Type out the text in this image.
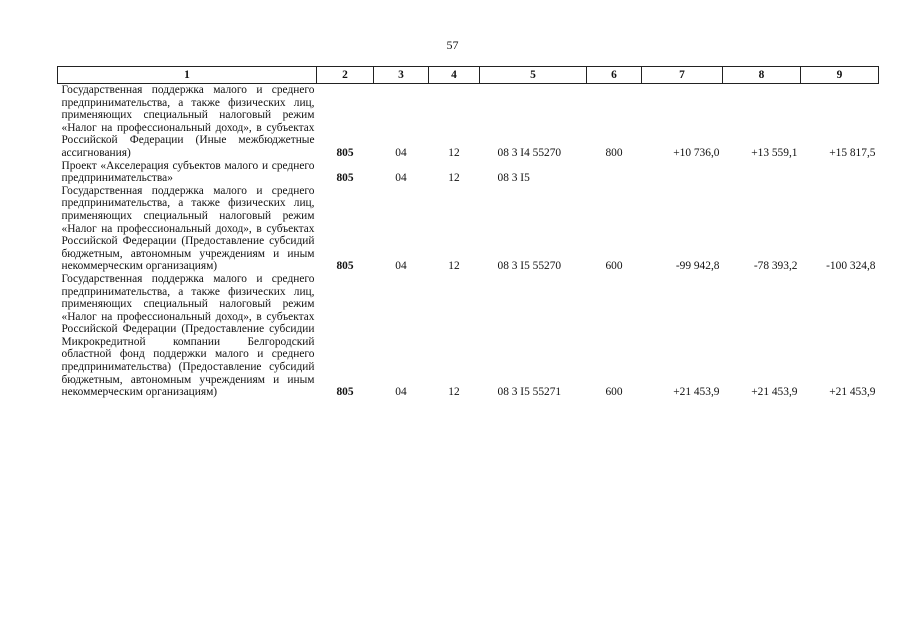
57
1	2	3	4	5	6	7	8	9
Государственная поддержка малого и среднего предпринимательства, а также физических лиц, применяющих специальный налоговый режим «Налог на профессиональный доход», в субъектах Российской Федерации (Иные межбюджетные ассигнования)	805	04	12	08 3 I4 55270	800	+10 736,0	+13 559,1	+15 817,5
Проект «Акселерация субъектов малого и среднего предпринимательства»	805	04	12	08 3 I5				
Государственная поддержка малого и среднего предпринимательства, а также физических лиц, применяющих специальный налоговый режим «Налог на профессиональный доход», в субъектах Российской Федерации (Предоставление субсидий бюджетным, автономным учреждениям и иным некоммерческим организациям)	805	04	12	08 3 I5 55270	600	-99 942,8	-78 393,2	-100 324,8
Государственная поддержка малого и среднего предпринимательства, а также физических лиц, применяющих специальный налоговый режим «Налог на профессиональный доход», в субъектах Российской Федерации (Предоставление субсидии Микрокредитной компании Белгородский областной фонд поддержки малого и среднего предпринимательства) (Предоставление субсидий бюджетным, автономным учреждениям и иным некоммерческим организациям)	805	04	12	08 3 I5 55271	600	+21 453,9	+21 453,9	+21 453,9
